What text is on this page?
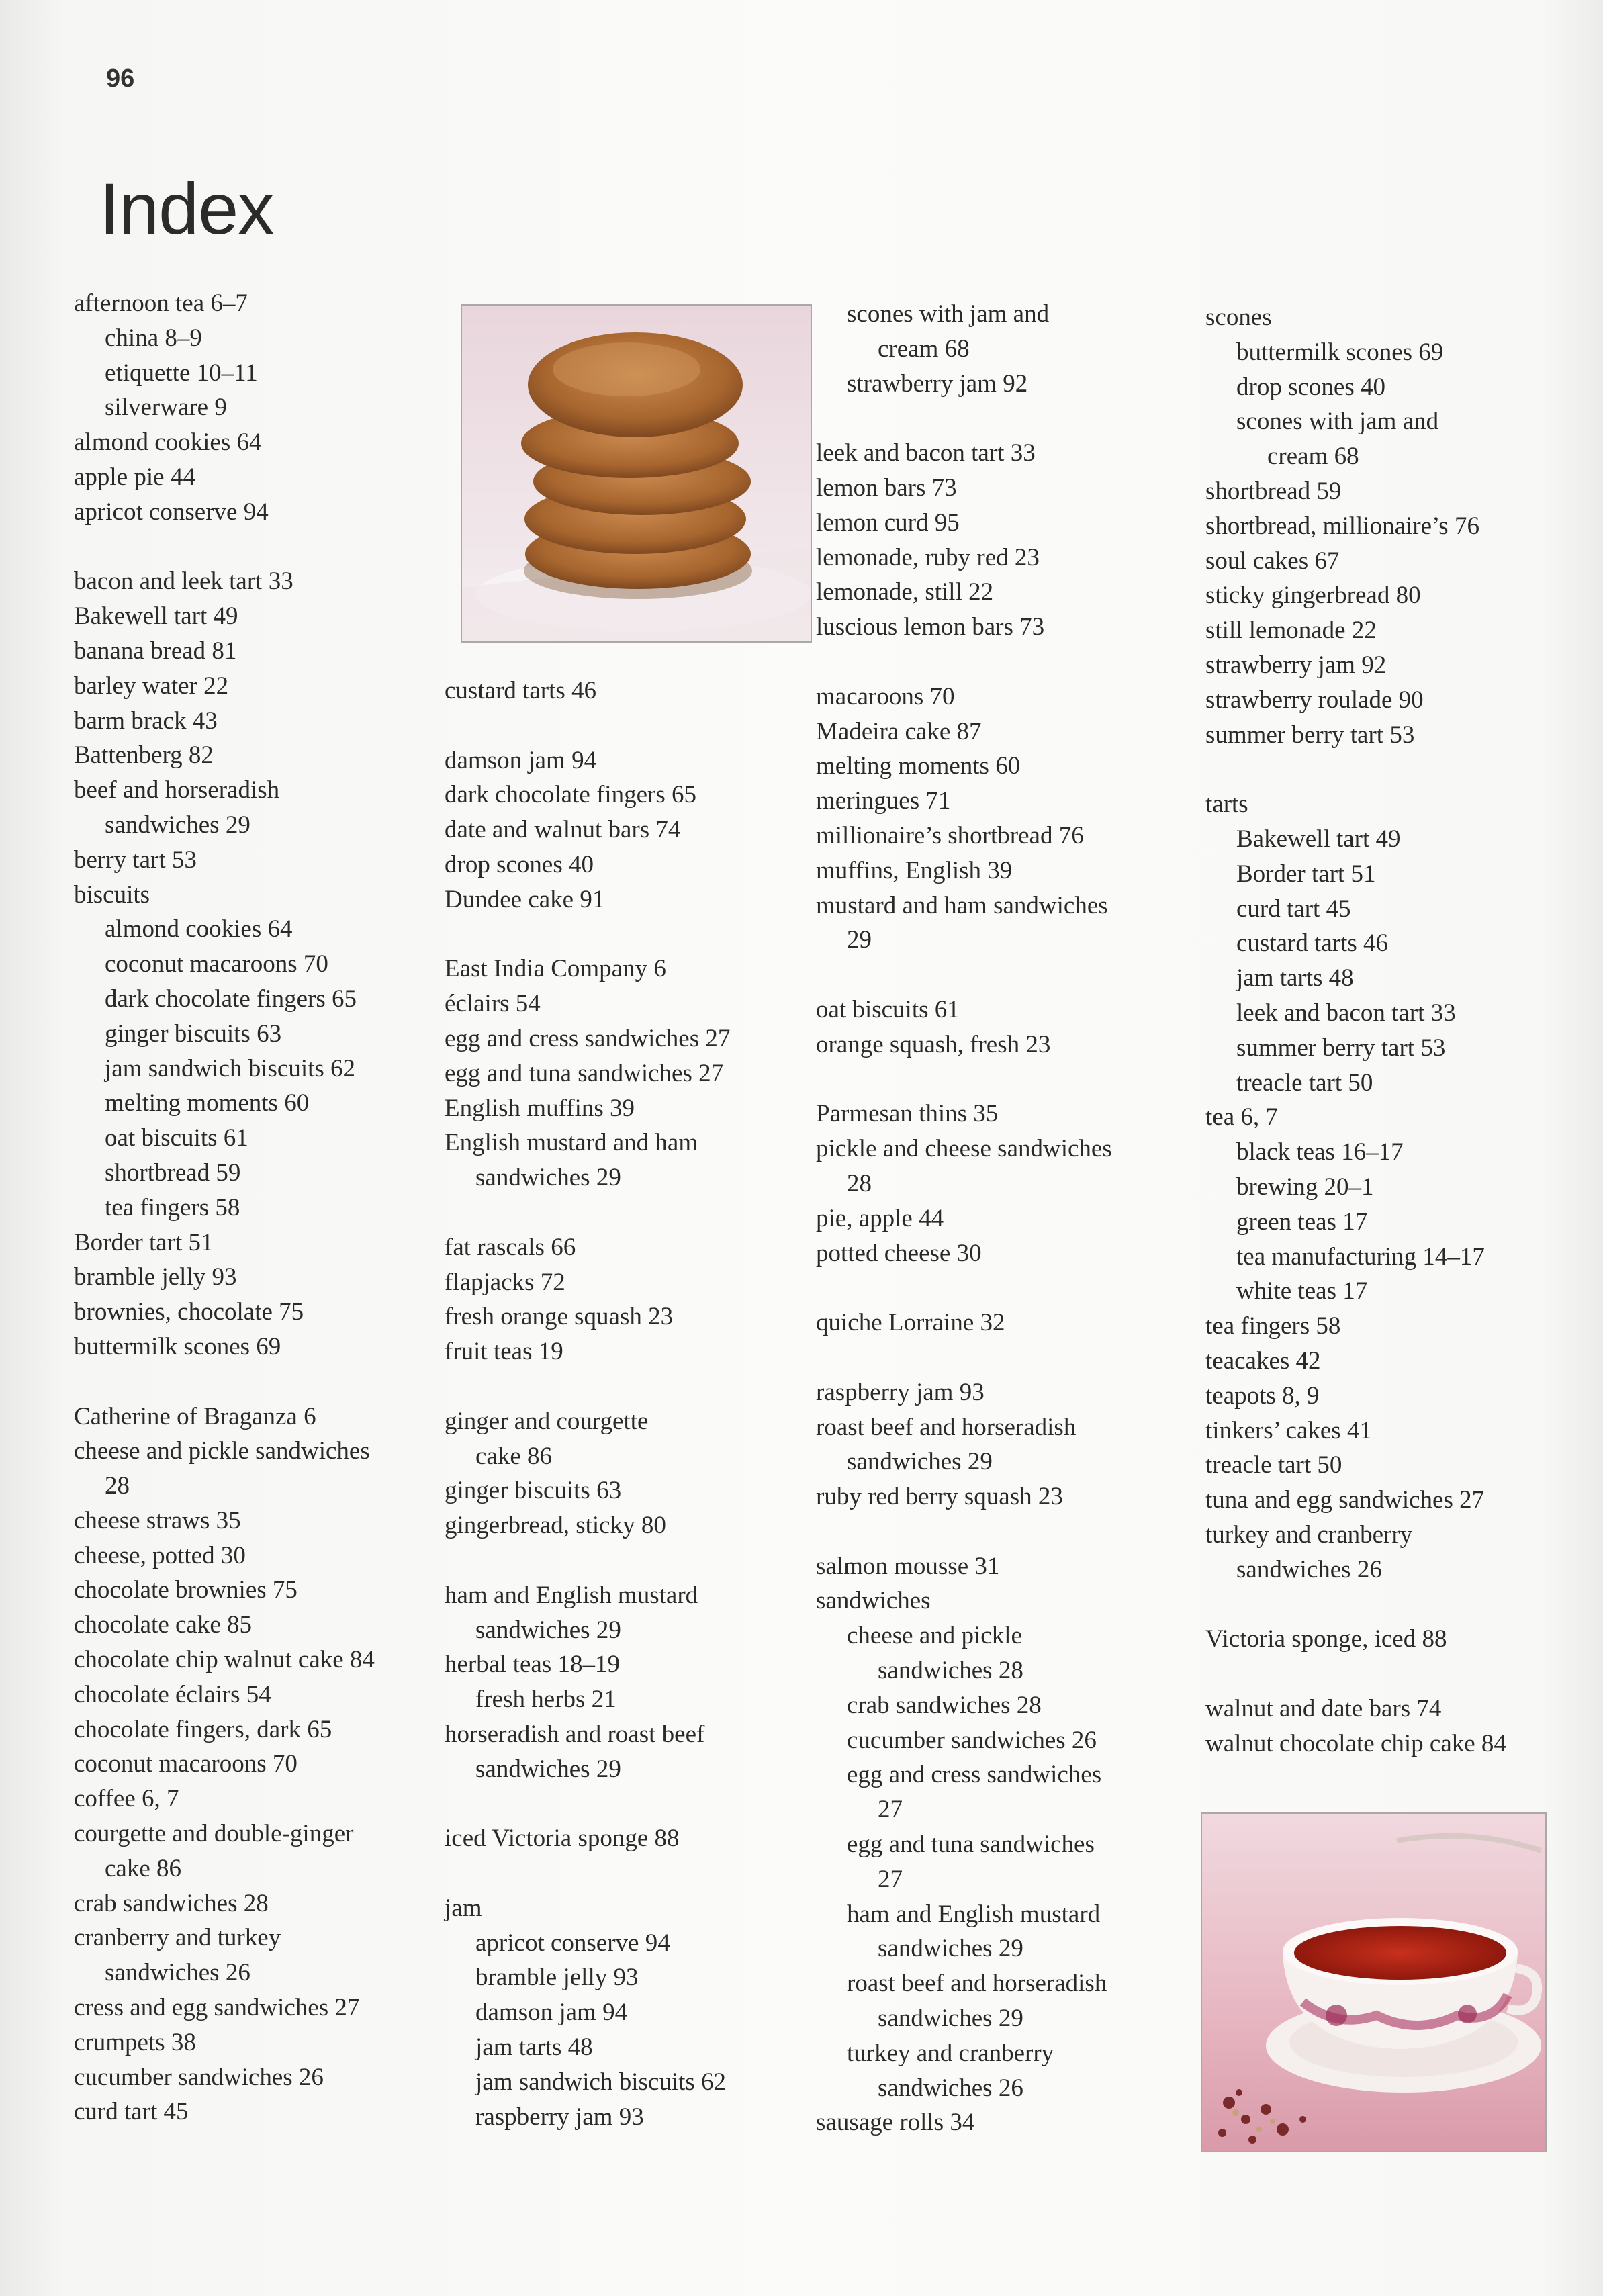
96
Index
afternoon tea 6–7
china 8–9
etiquette 10–11
silverware 9
almond cookies 64
apple pie 44
apricot conserve 94
bacon and leek tart 33
Bakewell tart 49
banana bread 81
barley water 22
barm brack 43
Battenberg 82
beef and horseradish
sandwiches 29
berry tart 53
biscuits
almond cookies 64
coconut macaroons 70
dark chocolate fingers 65
ginger biscuits 63
jam sandwich biscuits 62
melting moments 60
oat biscuits 61
shortbread 59
tea fingers 58
Border tart 51
bramble jelly 93
brownies, chocolate 75
buttermilk scones 69
Catherine of Braganza 6
cheese and pickle sandwiches
28
cheese straws 35
cheese, potted 30
chocolate brownies 75
chocolate cake 85
chocolate chip walnut cake 84
chocolate éclairs 54
chocolate fingers, dark 65
coconut macaroons 70
coffee 6, 7
courgette and double-ginger
cake 86
crab sandwiches 28
cranberry and turkey
sandwiches 26
cress and egg sandwiches 27
crumpets 38
cucumber sandwiches 26
curd tart 45
custard tarts 46
damson jam 94
dark chocolate fingers 65
date and walnut bars 74
drop scones 40
Dundee cake 91
East India Company 6
éclairs 54
egg and cress sandwiches 27
egg and tuna sandwiches 27
English muffins 39
English mustard and ham
sandwiches 29
fat rascals 66
flapjacks 72
fresh orange squash 23
fruit teas 19
ginger and courgette
cake 86
ginger biscuits 63
gingerbread, sticky 80
ham and English mustard
sandwiches 29
herbal teas 18–19
fresh herbs 21
horseradish and roast beef
sandwiches 29
iced Victoria sponge 88
jam
apricot conserve 94
bramble jelly 93
damson jam 94
jam tarts 48
jam sandwich biscuits 62
raspberry jam 93
scones with jam and
cream 68
strawberry jam 92
leek and bacon tart 33
lemon bars 73
lemon curd 95
lemonade, ruby red 23
lemonade, still 22
luscious lemon bars 73
macaroons 70
Madeira cake 87
melting moments 60
meringues 71
millionaire’s shortbread 76
muffins, English 39
mustard and ham sandwiches
29
oat biscuits 61
orange squash, fresh 23
Parmesan thins 35
pickle and cheese sandwiches
28
pie, apple 44
potted cheese 30
quiche Lorraine 32
raspberry jam 93
roast beef and horseradish
sandwiches 29
ruby red berry squash 23
salmon mousse 31
sandwiches
cheese and pickle
sandwiches 28
crab sandwiches 28
cucumber sandwiches 26
egg and cress sandwiches
27
egg and tuna sandwiches
27
ham and English mustard
sandwiches 29
roast beef and horseradish
sandwiches 29
turkey and cranberry
sandwiches 26
sausage rolls 34
scones
buttermilk scones 69
drop scones 40
scones with jam and
cream 68
shortbread 59
shortbread, millionaire’s 76
soul cakes 67
sticky gingerbread 80
still lemonade 22
strawberry jam 92
strawberry roulade 90
summer berry tart 53
tarts
Bakewell tart 49
Border tart 51
curd tart 45
custard tarts 46
jam tarts 48
leek and bacon tart 33
summer berry tart 53
treacle tart 50
tea 6, 7
black teas 16–17
brewing 20–1
green teas 17
tea manufacturing 14–17
white teas 17
tea fingers 58
teacakes 42
teapots 8, 9
tinkers’ cakes 41
treacle tart 50
tuna and egg sandwiches 27
turkey and cranberry
sandwiches 26
Victoria sponge, iced 88
walnut and date bars 74
walnut chocolate chip cake 84
